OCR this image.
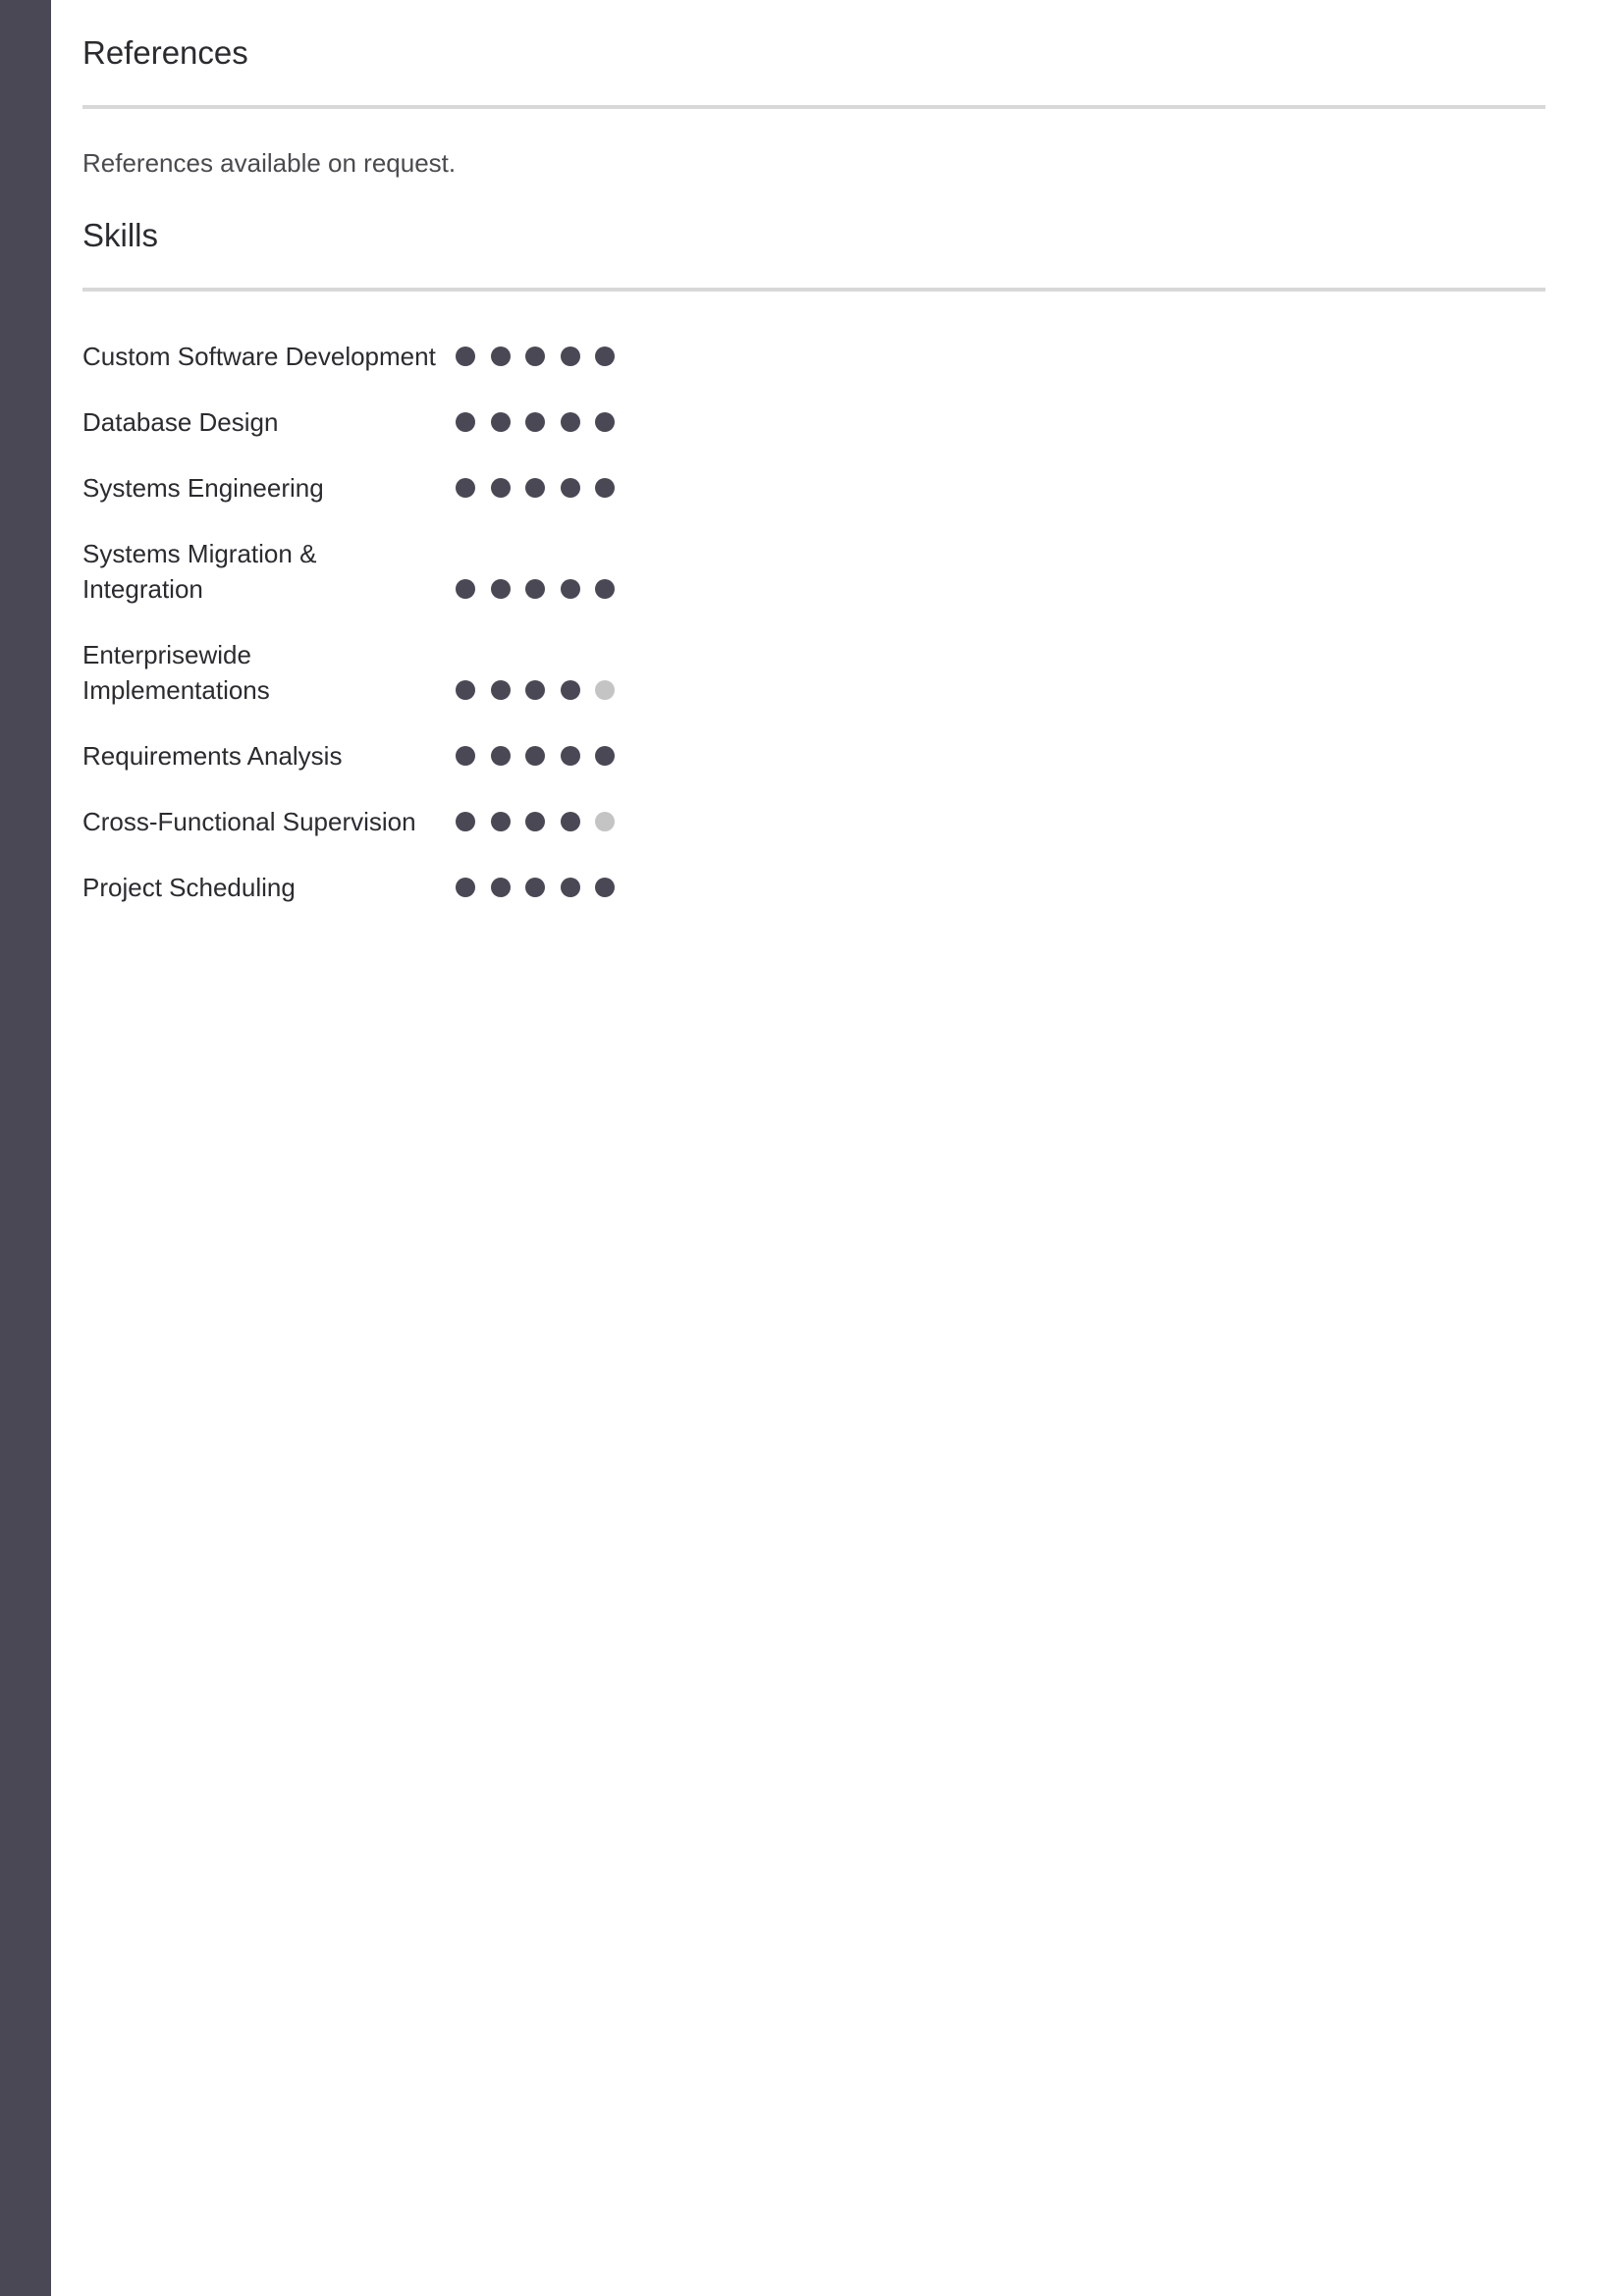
References
References available on request.
Skills
Custom Software Development
Database Design
Systems Engineering
Systems Migration &
Integration
Enterprisewide
Implementations
Requirements Analysis
Cross-Functional Supervision
Project Scheduling
